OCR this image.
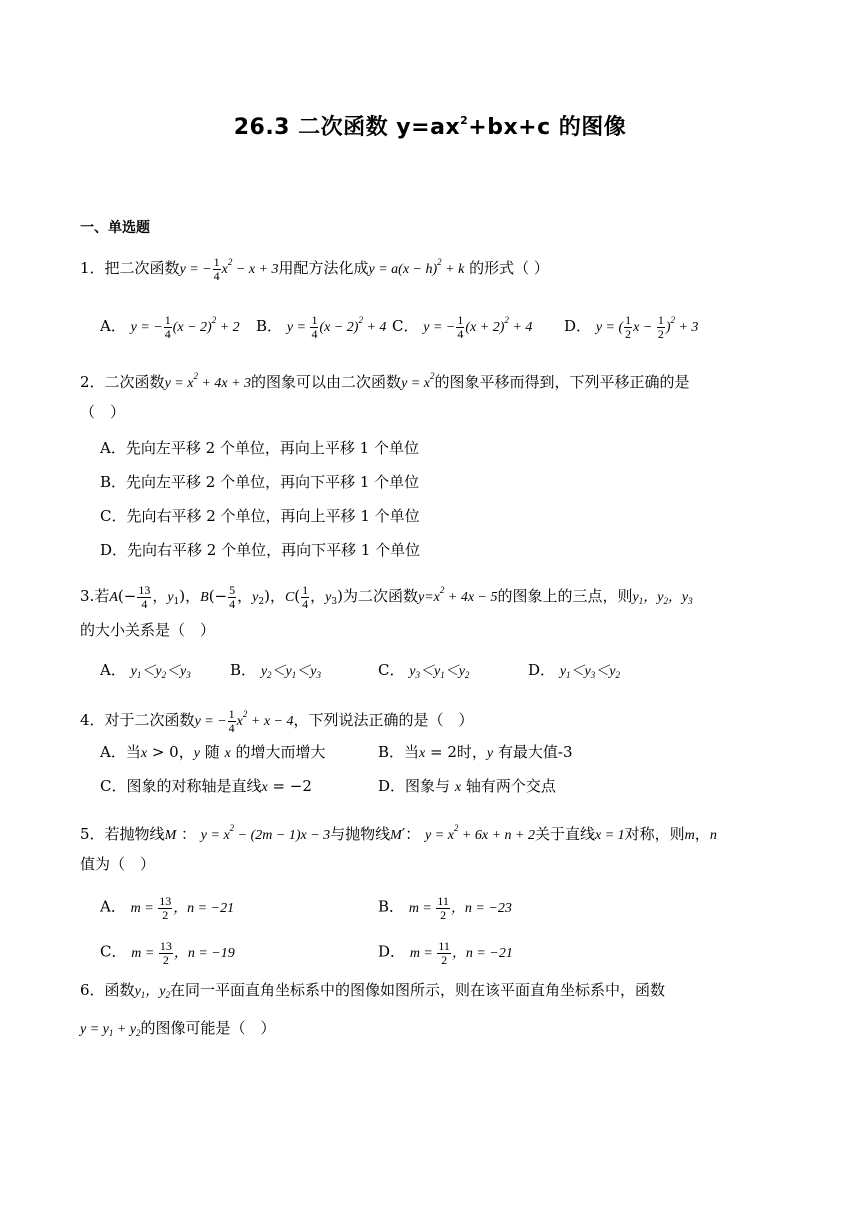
26.3 二次函数 $y=ax^2+bx+c$ 的图像
一、单选题
1．把二次函数y = − $\frac{1}{4} x^2 - x + 3$用配方法化成$y = a(x - h)^2 + k$ 的形式（ ）
A． y = − $\frac{1}{4} (x - 2)^2 + 2$ B． $y = \frac{1}{4} (x - 2)^2 + 4$ C． y = − $\frac{1}{4} (x + 2)^2 + 4$ D． y = ( $\frac{1}{2}$ $x - \frac{1}{2} )^2 + 3$
2．二次函数$y = x^2 + 4x + 3$的图象可以由二次函数$y = x^2$的图象平移而得到，下列平移正确的是
（　）
A．先向左平移 2 个单位，再向上平移 1 个单位
B．先向左平移 2 个单位，再向下平移 1 个单位
C．先向右平移 2 个单位，再向上平移 1 个单位
D．先向右平移 2 个单位，再向下平移 1 个单位
3.若$A(- \frac{13}{4}$ ，$y_1$)，$B(- \frac{5}{4}$ ，$y_2$)，$C( \frac{1}{4}$ ，$y_3$)为二次函数$y=x^2 + 4x - 5$的图象上的三点，则$y_1$，$y_2$，$y_3$
的大小关系是（　）
A． $y_1<y_2<y_3$	B． $y_2<y_1<y_3$	C． $y_3<y_1<y_2$	D． $y_1<y_3<y_2$
4．对于二次函数y = − $\frac{1}{4} x^2 + x - 4$，下列说法正确的是（　）
A．当x > 0，y 随 x 的增大而增大	B．当x = 2时，y 有最大值-3
C．图象的对称轴是直线x = −2	D．图象与 x 轴有两个交点
5．若抛物线M ： $y = x^2 - (2m - 1)x - 3$与抛物线M′： $y = x^2 + 6x + n + 2$关于直线x = 1对称，则m，n
值为（　）
A． $m = \frac{13}{2}$ ，n = −21	B． $m = \frac{11}{2}$ ，n = −23
C． $m = \frac{13}{2}$ ，n = −19	D． $m = \frac{11}{2}$ ，n = −21
6．函数$y_1$，$y_2$在同一平面直角坐标系中的图像如图所示，则在该平面直角坐标系中，函数
$y = y_1 + y_2$的图像可能是（　）
